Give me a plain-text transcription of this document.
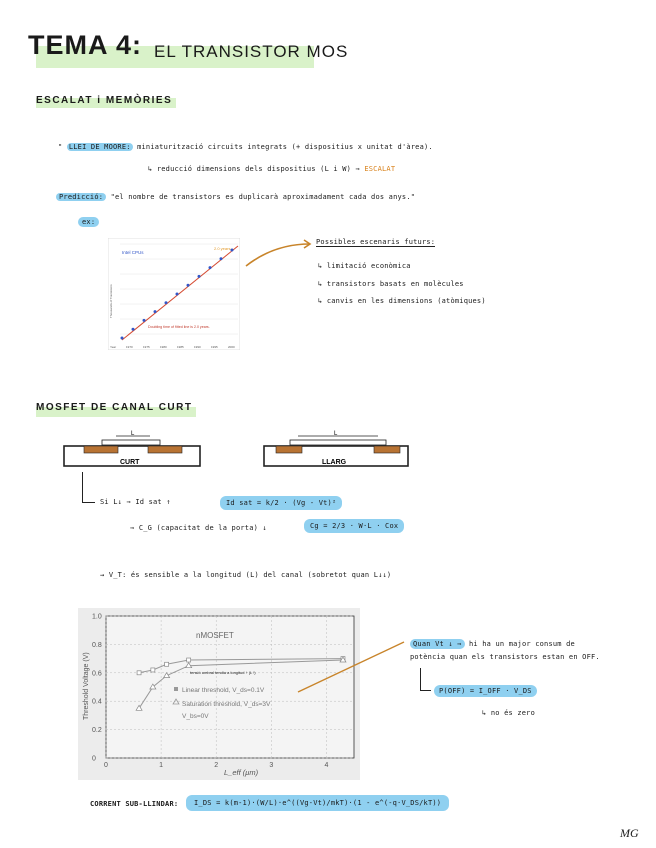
TEMA 4: EL TRANSISTOR MOS
ESCALAT i MEMÒRIES
" LLEI DE MOORE: miniaturització circuits integrats (+ dispositius x unitat d'àrea).
↳ reducció dimensions dels dispositius (L i W) ⇒ ESCALAT
Predicció: "el nombre de transistors es duplicarà aproximadament cada dos anys."
ex:
Intel CPUs
2.0 years
Doubling time of fitted line is 2.0 years.
Thousands of Transistors
Year	1970	1975	1980	1985	1990	1995	2000
Possibles escenaris futurs:
↳ limitació econòmica
↳ transistors basats en molècules
↳ canvis en les dimensions (atòmiques)
MOSFET DE CANAL CURT
L
CURT
L
LLARG
Si L↓ ⇒ Id sat ↑	Id sat = k/2 · (Vg - Vt)²
⇒ C_G (capacitat de la porta) ↓	Cg = 2/3 · W·L · Cox
→ V_T: és sensible a la longitud (L) del canal (sobretot quan L↓↓)
0	1	2	3	4
0
0.2
0.4
0.6
0.8
1.0
nMOSFET
Threshold Voltage (V)
L_eff (μm)
tensió umbral tendia a longitud ↑ (L↑)
Linear threshold, V_ds=0.1V
Saturation threshold, V_ds=3V
V_bs=0V
Quan Vt ↓ ⇒ hi ha un major consum de
potència quan els transistors estan en OFF.
P(OFF) = I_OFF · V_DS
↳ no és zero
CORRENT SUB-LLINDAR:	I_DS = k(m-1)·(W/L)·e^((Vg-Vt)/mkT)·(1 - e^(-q·V_DS/kT))
MG
